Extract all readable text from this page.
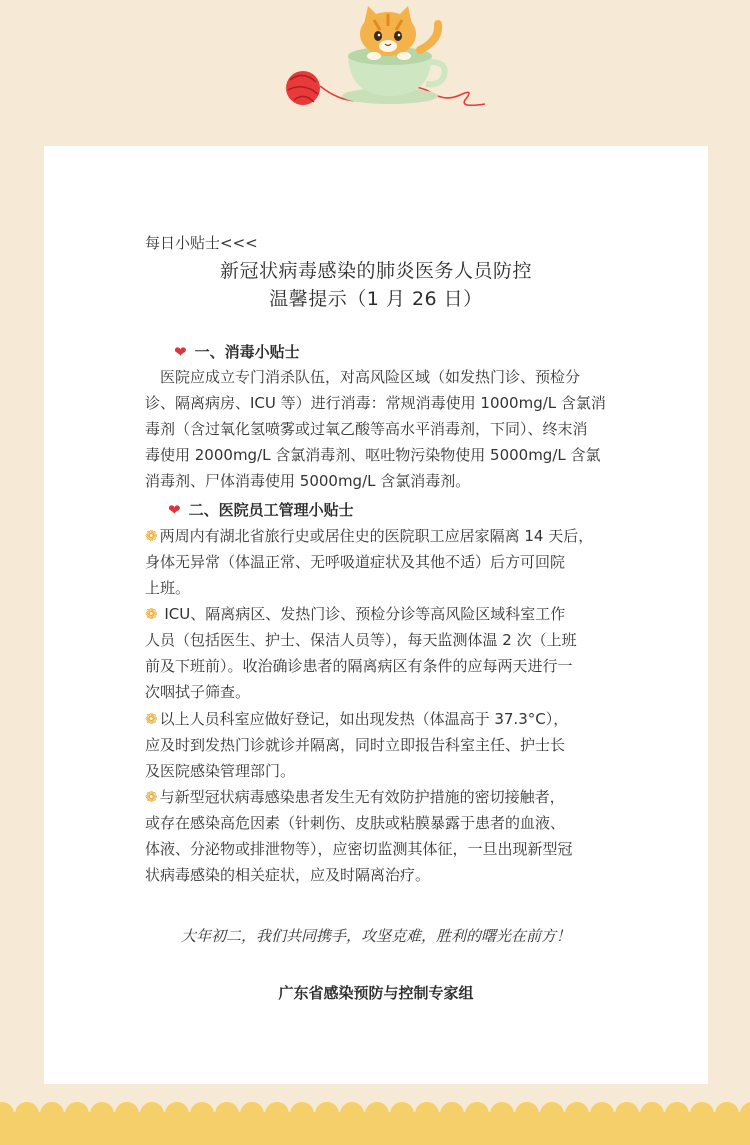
每日小贴士<<<
新冠状病毒感染的肺炎医务人员防控
温馨提示（1 月 26 日）
❤ 一、消毒小贴士
　医院应成立专门消杀队伍，对高风险区域（如发热门诊、预检分
诊、隔离病房、ICU 等）进行消毒：常规消毒使用 1000mg/L 含氯消
毒剂（含过氧化氢喷雾或过氧乙酸等高水平消毒剂，下同）、终末消
毒使用 2000mg/L 含氯消毒剂、呕吐物污染物使用 5000mg/L 含氯
消毒剂、尸体消毒使用 5000mg/L 含氯消毒剂。
❤ 二、医院员工管理小贴士
❁ 两周内有湖北省旅行史或居住史的医院职工应居家隔离 14 天后，
身体无异常（体温正常、无呼吸道症状及其他不适）后方可回院
上班。
❁ ICU、隔离病区、发热门诊、预检分诊等高风险区域科室工作
人员（包括医生、护士、保洁人员等），每天监测体温 2 次（上班
前及下班前）。收治确诊患者的隔离病区有条件的应每两天进行一
次咽拭子筛查。
❁ 以上人员科室应做好登记，如出现发热（体温高于 37.3°C），
应及时到发热门诊就诊并隔离，同时立即报告科室主任、护士长
及医院感染管理部门。
❁ 与新型冠状病毒感染患者发生无有效防护措施的密切接触者，
或存在感染高危因素（针刺伤、皮肤或粘膜暴露于患者的血液、
体液、分泌物或排泄物等），应密切监测其体征，一旦出现新型冠
状病毒感染的相关症状，应及时隔离治疗。
大年初二，我们共同携手，攻坚克难，胜利的曙光在前方！
广东省感染预防与控制专家组
